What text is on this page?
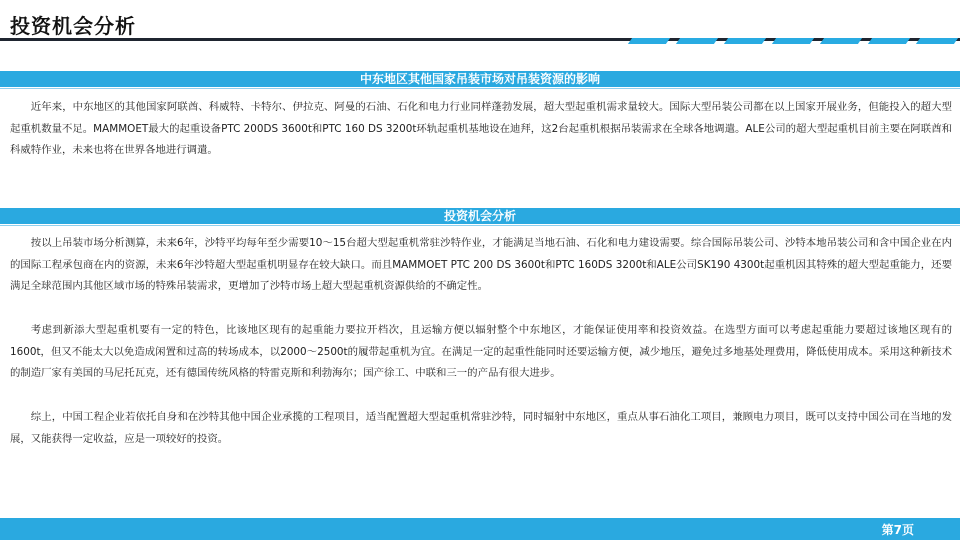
投资机会分析
中东地区其他国家吊装市场对吊装资源的影响

近年来，中东地区的其他国家阿联酋、科威特、卡特尔、伊拉克、阿曼的石油、石化和电力行业同样蓬勃发展，超大型起重机需求量较大。国际大型吊装公司都在以上国家开展业务，但能投入的超大型起重机数量不足。MAMMOET最大的起重设备PTC 200DS 3600t和PTC 160 DS 3200t环轨起重机基地设在迪拜，这2台起重机根据吊装需求在全球各地调遣。ALE公司的超大型起重机目前主要在阿联酋和科威特作业，未来也将在世界各地进行调遣。

投资机会分析

按以上吊装市场分析测算，未来6年，沙特平均每年至少需要10～15台超大型起重机常驻沙特作业，才能满足当地石油、石化和电力建设需要。综合国际吊装公司、沙特本地吊装公司和含中国企业在内的国际工程承包商在内的资源，未来6年沙特超大型起重机明显存在较大缺口。而且MAMMOET PTC 200 DS 3600t和PTC 160DS 3200t和ALE公司SK190 4300t起重机因其特殊的超大型起重能力，还要满足全球范围内其他区域市场的特殊吊装需求，更增加了沙特市场上超大型起重机资源供给的不确定性。

考虑到新添大型起重机要有一定的特色，比该地区现有的起重能力要拉开档次，且运输方便以辐射整个中东地区，才能保证使用率和投资效益。在选型方面可以考虑起重能力要超过该地区现有的1600t，但又不能太大以免造成闲置和过高的转场成本，以2000～2500t的履带起重机为宜。在满足一定的起重性能同时还要运输方便，减少地压，避免过多地基处理费用，降低使用成本。采用这种新技术的制造厂家有美国的马尼托瓦克，还有德国传统风格的特雷克斯和利勃海尔；国产徐工、中联和三一的产品有很大进步。

综上，中国工程企业若依托自身和在沙特其他中国企业承揽的工程项目，适当配置超大型起重机常驻沙特，同时辐射中东地区，重点从事石油化工项目，兼顾电力项目，既可以支持中国公司在当地的发展，又能获得一定收益，应是一项较好的投资。

第7页
